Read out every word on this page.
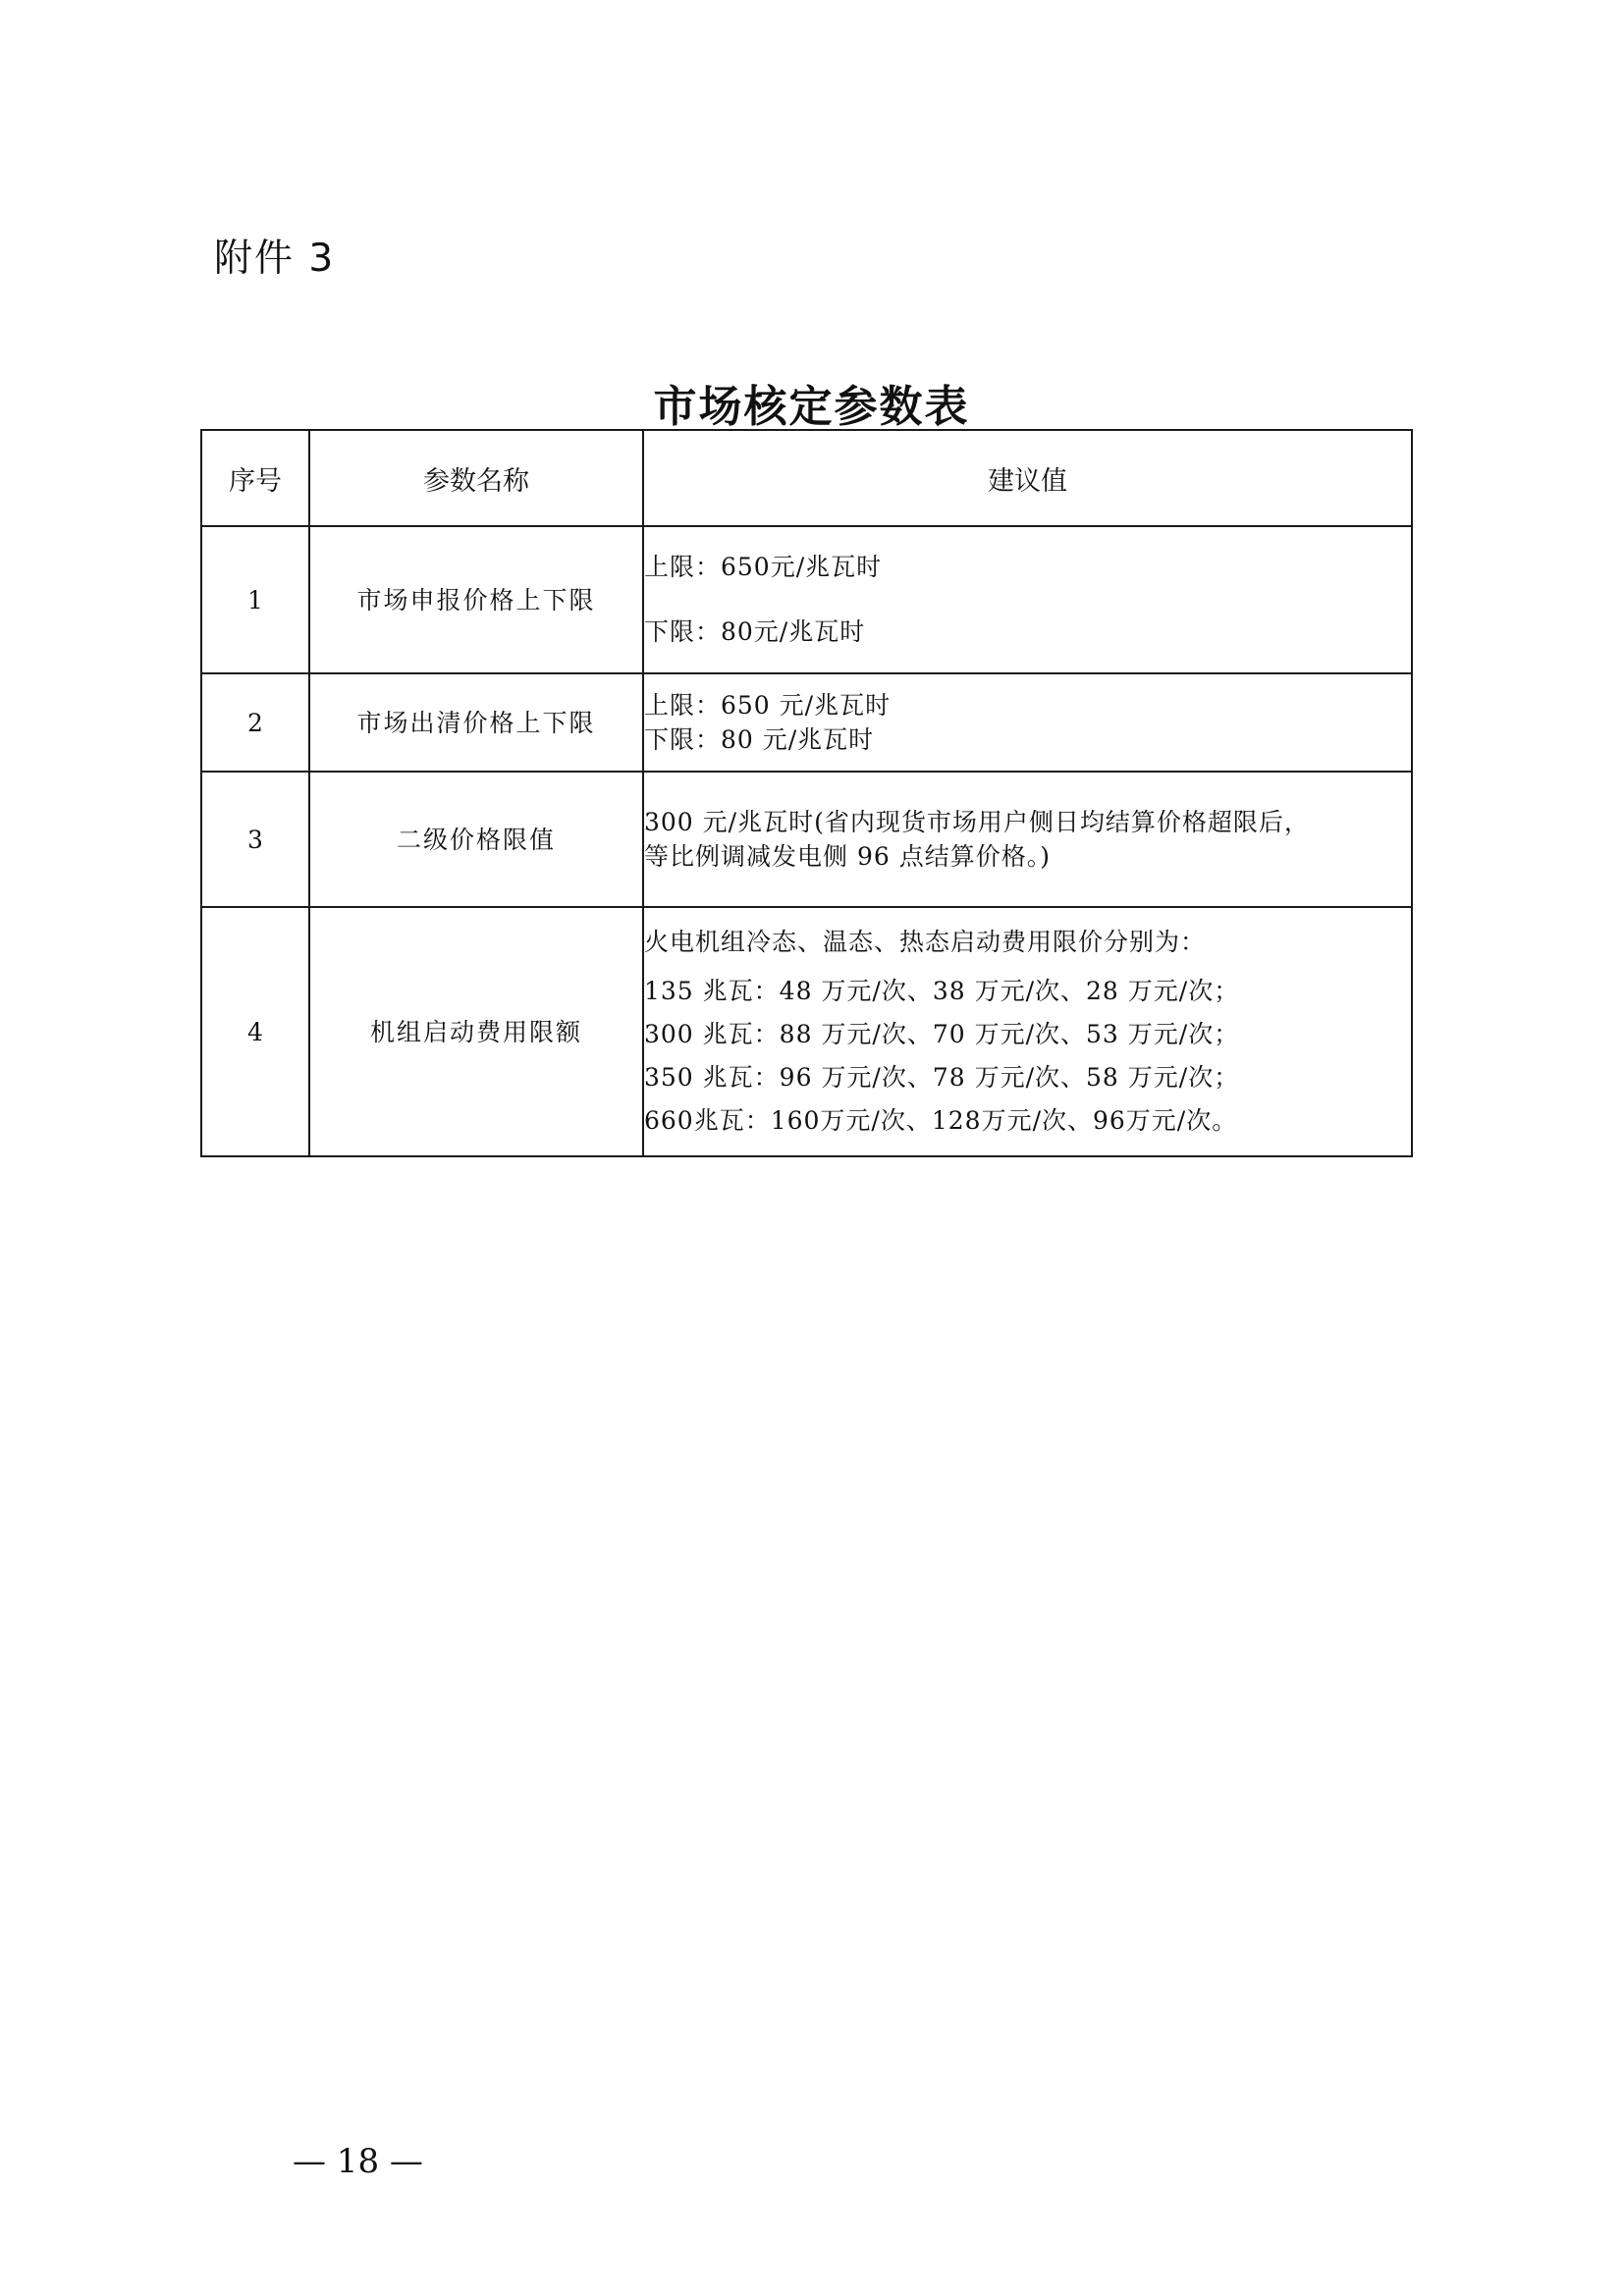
附件 3
市场核定参数表
序号	参数名称	建议值
1	市场申报价格上下限	上限：650元/兆瓦时
下限：80元/兆瓦时

2	市场出清价格上下限	上限：650 元/兆瓦时
下限：80 元/兆瓦时

3	二级价格限值	300 元/兆瓦时(省内现货市场用户侧日均结算价格超限后，
等比例调减发电侧 96 点结算价格。)

4	机组启动费用限额	火电机组冷态、温态、热态启动费用限价分别为：
135 兆瓦：48 万元/次、38 万元/次、28 万元/次；
300 兆瓦：88 万元/次、70 万元/次、53 万元/次；
350 兆瓦：96 万元/次、78 万元/次、58 万元/次；
660兆瓦：160万元/次、128万元/次、96万元/次。
— 18 —
